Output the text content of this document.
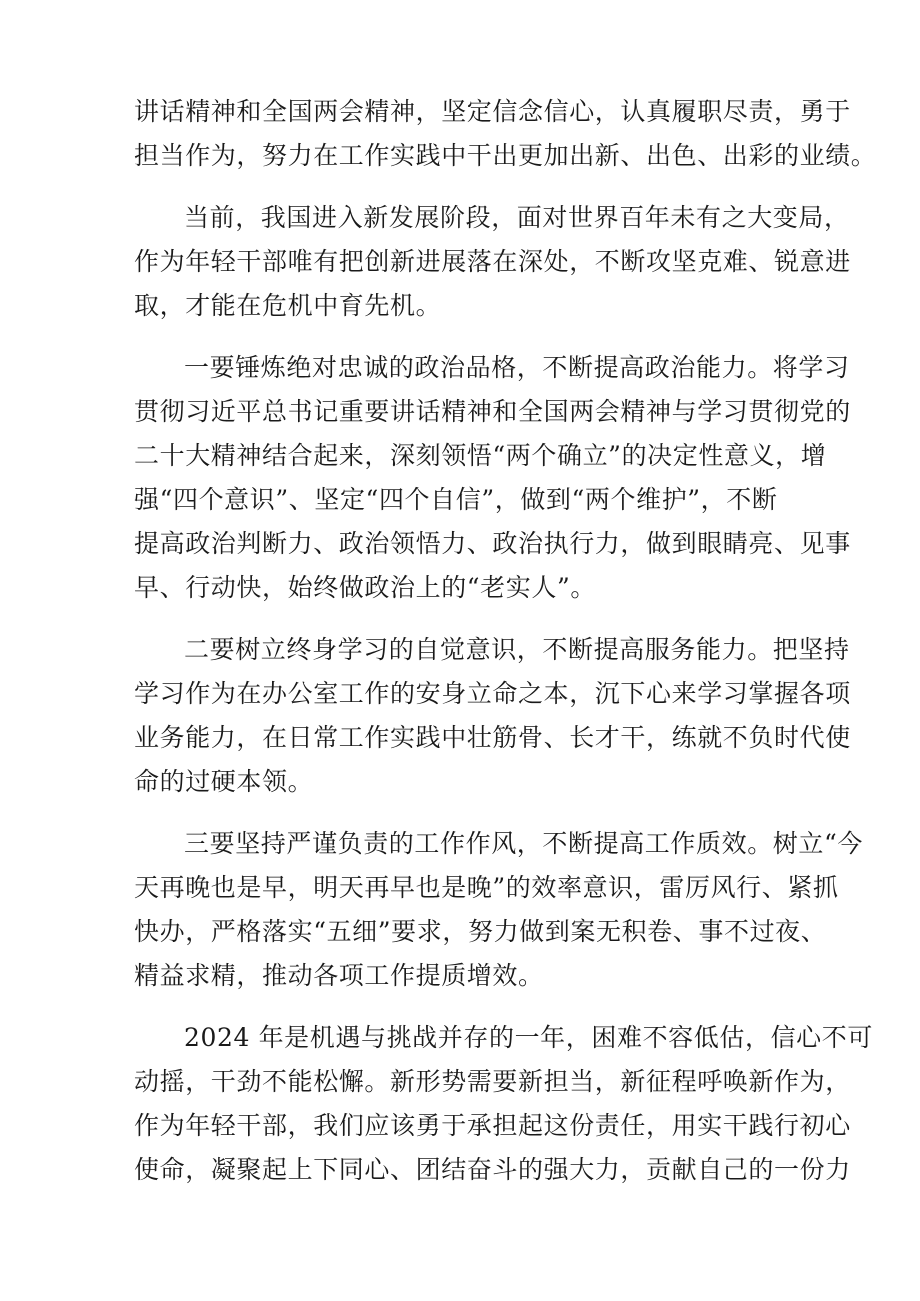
讲话精神和全国两会精神，坚定信念信心，认真履职尽责，勇于
担当作为，努力在工作实践中干出更加出新、出色、出彩的业绩。
当前，我国进入新发展阶段，面对世界百年未有之大变局，
作为年轻干部唯有把创新进展落在深处，不断攻坚克难、锐意进
取，才能在危机中育先机。
一要锤炼绝对忠诚的政治品格，不断提高政治能力。将学习
贯彻习近平总书记重要讲话精神和全国两会精神与学习贯彻党的
二十大精神结合起来，深刻领悟“两个确立”的决定性意义，增
强“四个意识”、坚定“四个自信”，做到“两个维护”，不断
提高政治判断力、政治领悟力、政治执行力，做到眼睛亮、见事
早、行动快，始终做政治上的“老实人”。
二要树立终身学习的自觉意识，不断提高服务能力。把坚持
学习作为在办公室工作的安身立命之本，沉下心来学习掌握各项
业务能力，在日常工作实践中壮筋骨、长才干，练就不负时代使
命的过硬本领。
三要坚持严谨负责的工作作风，不断提高工作质效。树立“今
天再晚也是早，明天再早也是晚”的效率意识，雷厉风行、紧抓
快办，严格落实“五细”要求，努力做到案无积卷、事不过夜、
精益求精，推动各项工作提质增效。
2024 年是机遇与挑战并存的一年，困难不容低估，信心不可
动摇，干劲不能松懈。新形势需要新担当，新征程呼唤新作为，
作为年轻干部，我们应该勇于承担起这份责任，用实干践行初心
使命，凝聚起上下同心、团结奋斗的强大力，贡献自己的一份力
